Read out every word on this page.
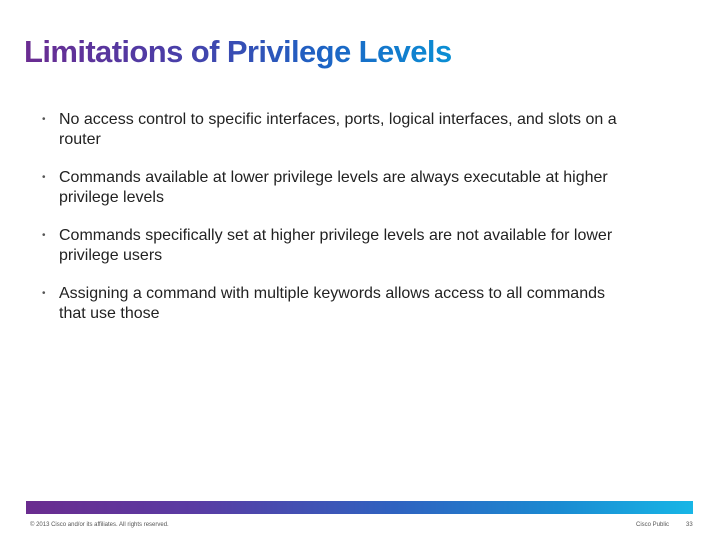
Limitations of Privilege Levels
• No access control to specific interfaces, ports, logical interfaces, and slots on a router
• Commands available at lower privilege levels are always executable at higher privilege levels
• Commands specifically set at higher privilege levels are not available for lower privilege users
• Assigning a command with multiple keywords allows access to all commands that use those
© 2013 Cisco and/or its affiliates. All rights reserved.	Cisco Public	33
